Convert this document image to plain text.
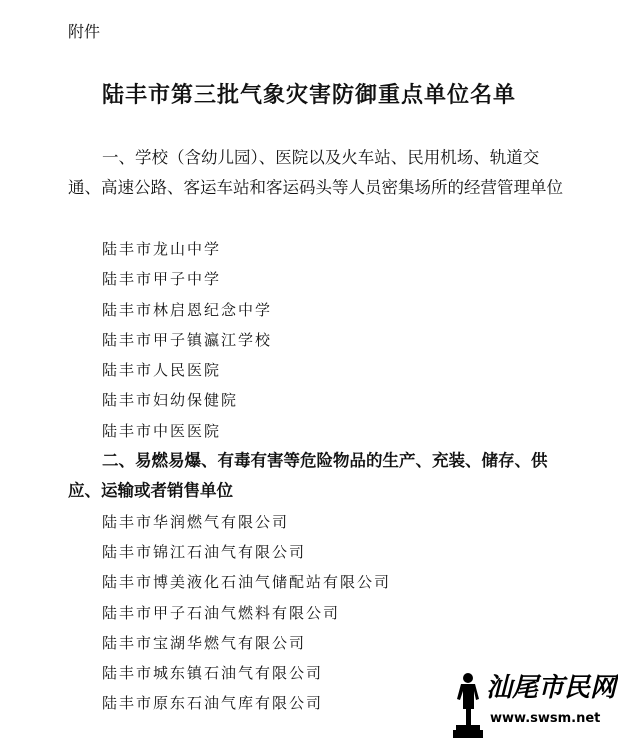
附件
陆丰市第三批气象灾害防御重点单位名单

一、学校（含幼儿园）、医院以及火车站、民用机场、轨道交通、高速公路、客运车站和客运码头等人员密集场所的经营管理单位

陆丰市龙山中学
陆丰市甲子中学
陆丰市林启恩纪念中学
陆丰市甲子镇瀛江学校
陆丰市人民医院
陆丰市妇幼保健院
陆丰市中医医院

二、易燃易爆、有毒有害等危险物品的生产、充装、储存、供应、运输或者销售单位

陆丰市华润燃气有限公司
陆丰市锦江石油气有限公司
陆丰市博美液化石油气储配站有限公司
陆丰市甲子石油气燃料有限公司
陆丰市宝湖华燃气有限公司
陆丰市城东镇石油气有限公司
陆丰市原东石油气库有限公司
汕尾市民网
www.swsm.net
